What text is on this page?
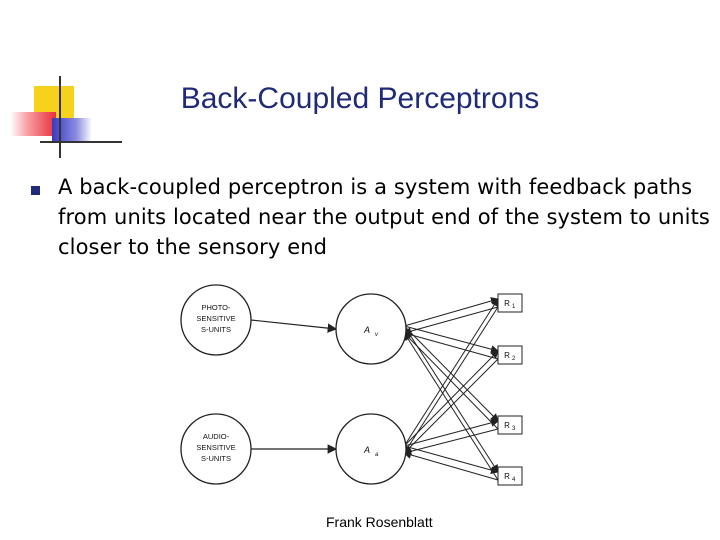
Back-Coupled Perceptrons
A back-coupled perceptron is a system with feedback paths from units located near the output end of the system to units closer to the sensory end
PHOTO-
SENSITIVE
S-UNITS
AUDIO-
SENSITIVE
S-UNITS
A v
A a
R 1
R 2
R 3
R 4
Frank Rosenblatt
